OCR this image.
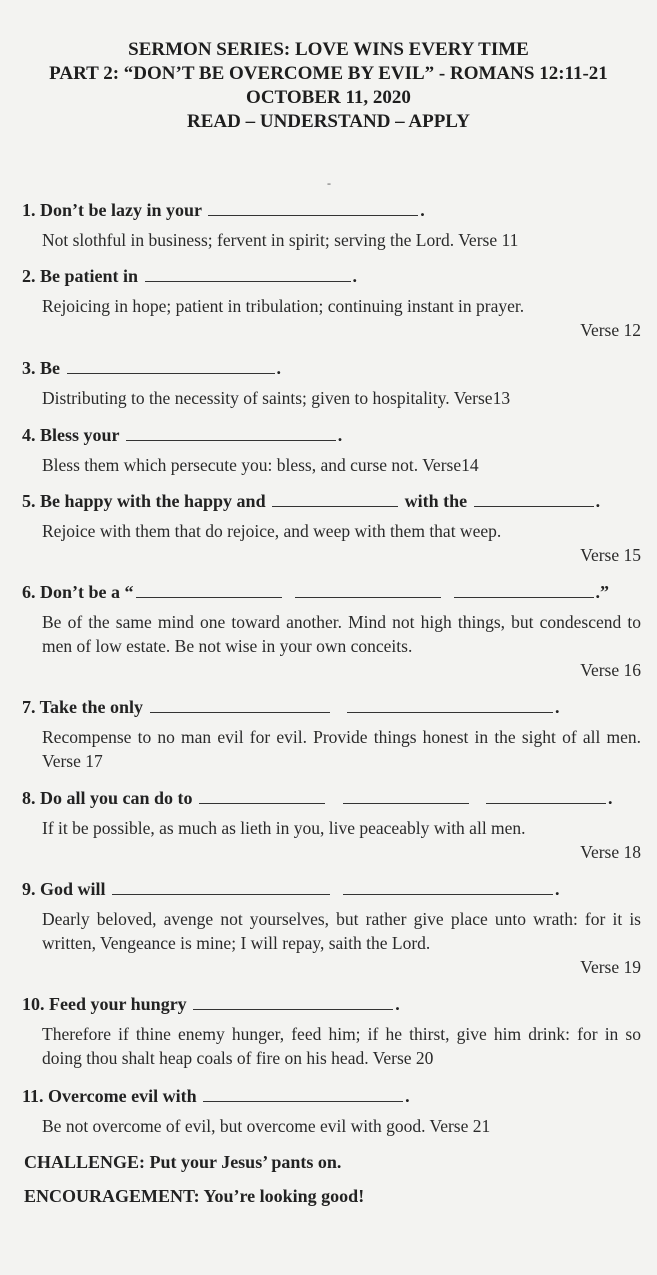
SERMON SERIES: LOVE WINS EVERY TIME
PART 2: “DON’T BE OVERCOME BY EVIL” - ROMANS 12:11-21
OCTOBER 11, 2020
READ – UNDERSTAND – APPLY
-
1. Don’t be lazy in your	.
Not slothful in business; fervent in spirit; serving the Lord. Verse 11
2. Be patient in	.
Rejoicing in hope; patient in tribulation; continuing instant in prayer.
Verse 12
3. Be	.
Distributing to the necessity of saints; given to hospitality. Verse13
4. Bless your	.
Bless them which persecute you: bless, and curse not. Verse14
5. Be happy with the happy and	with the	.
Rejoice with them that do rejoice, and weep with them that weep.
Verse 15
6. Don’t be a “	.”
Be of the same mind one toward another. Mind not high things, but condescend to men of low estate. Be not wise in your own conceits.
Verse 16
7. Take the only	.
Recompense to no man evil for evil. Provide things honest in the sight of all men. Verse 17
8. Do all you can do to	.
If it be possible, as much as lieth in you, live peaceably with all men.
Verse 18
9. God will	.
Dearly beloved, avenge not yourselves, but rather give place unto wrath: for it is written, Vengeance is mine; I will repay, saith the Lord.
Verse 19
10. Feed your hungry	.
Therefore if thine enemy hunger, feed him; if he thirst, give him drink: for in so doing thou shalt heap coals of fire on his head. Verse 20
11. Overcome evil with	.
Be not overcome of evil, but overcome evil with good. Verse 21
CHALLENGE: Put your Jesus’ pants on.
ENCOURAGEMENT: You’re looking good!
